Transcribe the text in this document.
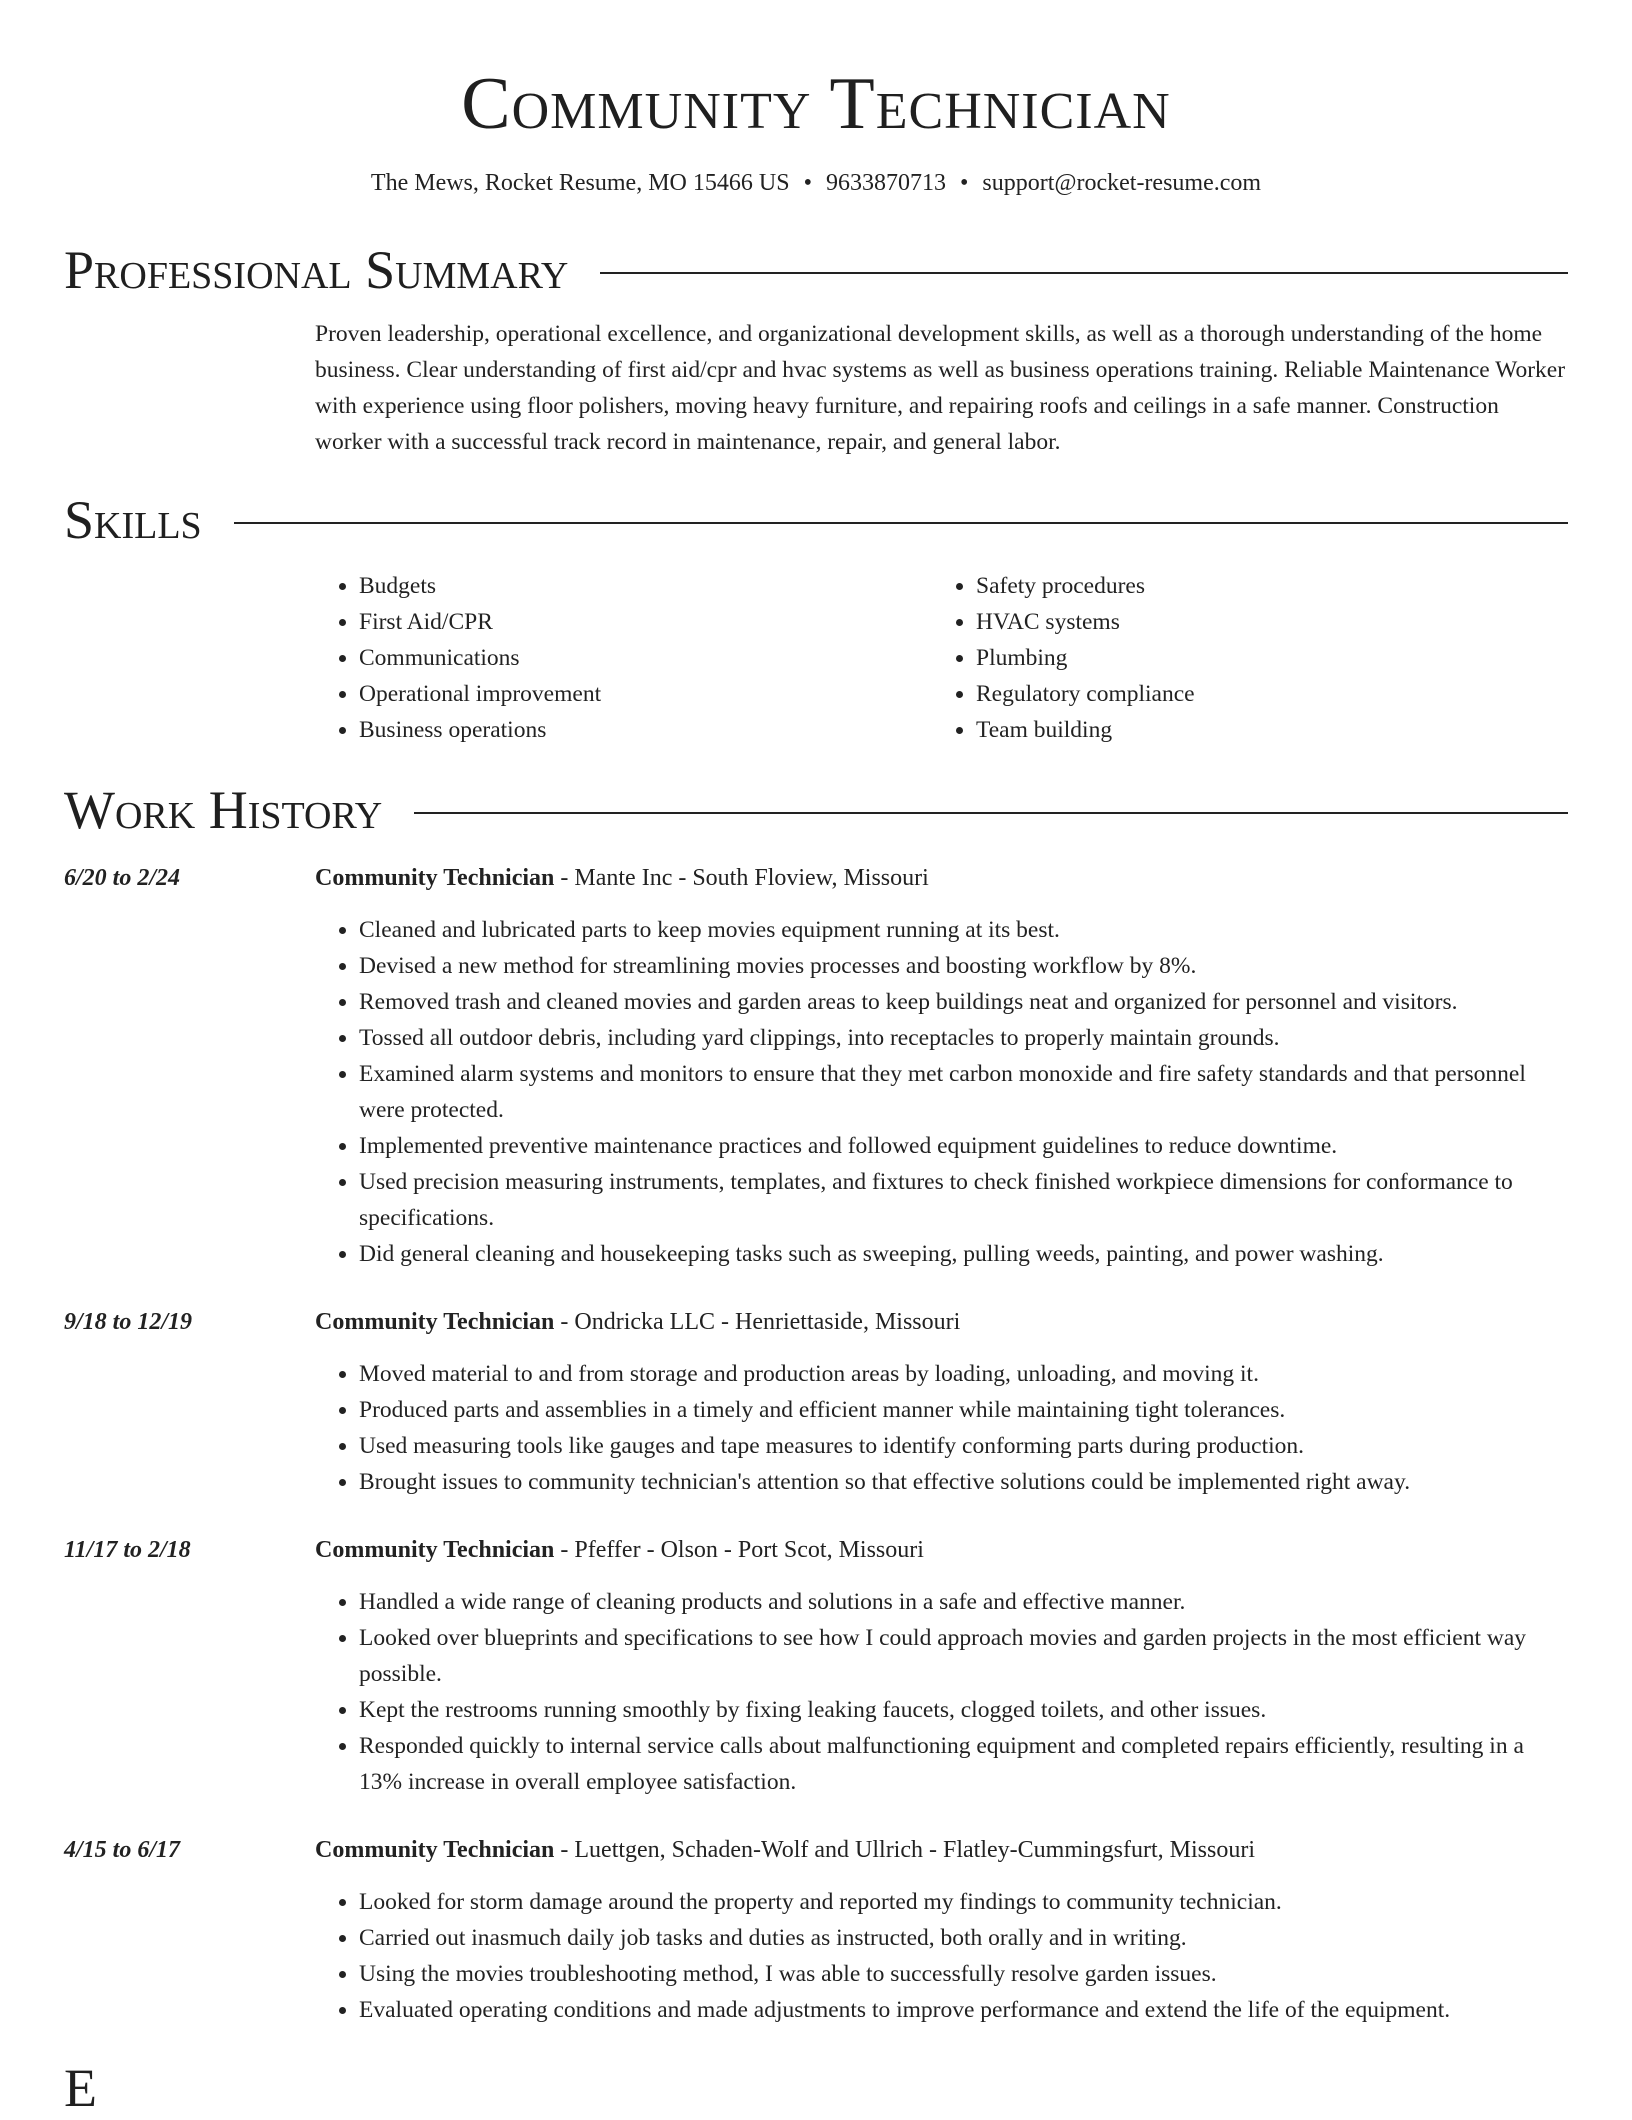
Community Technician
The Mews, Rocket Resume, MO 15466 US • 9633870713 • support@rocket-resume.com
Professional Summary
Proven leadership, operational excellence, and organizational development skills, as well as a thorough understanding of the home business. Clear understanding of first aid/cpr and hvac systems as well as business operations training. Reliable Maintenance Worker with experience using floor polishers, moving heavy furniture, and repairing roofs and ceilings in a safe manner. Construction worker with a successful track record in maintenance, repair, and general labor.
Skills
• Budgets
• First Aid/CPR
• Communications
• Operational improvement
• Business operations
• Safety procedures
• HVAC systems
• Plumbing
• Regulatory compliance
• Team building
Work History
6/20 to 2/24	Community Technician - Mante Inc - South Floview, Missouri
• Cleaned and lubricated parts to keep movies equipment running at its best.
• Devised a new method for streamlining movies processes and boosting workflow by 8%.
• Removed trash and cleaned movies and garden areas to keep buildings neat and organized for personnel and visitors.
• Tossed all outdoor debris, including yard clippings, into receptacles to properly maintain grounds.
• Examined alarm systems and monitors to ensure that they met carbon monoxide and fire safety standards and that personnel were protected.
• Implemented preventive maintenance practices and followed equipment guidelines to reduce downtime.
• Used precision measuring instruments, templates, and fixtures to check finished workpiece dimensions for conformance to specifications.
• Did general cleaning and housekeeping tasks such as sweeping, pulling weeds, painting, and power washing.
9/18 to 12/19	Community Technician - Ondricka LLC - Henriettaside, Missouri
• Moved material to and from storage and production areas by loading, unloading, and moving it.
• Produced parts and assemblies in a timely and efficient manner while maintaining tight tolerances.
• Used measuring tools like gauges and tape measures to identify conforming parts during production.
• Brought issues to community technician's attention so that effective solutions could be implemented right away.
11/17 to 2/18	Community Technician - Pfeffer - Olson - Port Scot, Missouri
• Handled a wide range of cleaning products and solutions in a safe and effective manner.
• Looked over blueprints and specifications to see how I could approach movies and garden projects in the most efficient way possible.
• Kept the restrooms running smoothly by fixing leaking faucets, clogged toilets, and other issues.
• Responded quickly to internal service calls about malfunctioning equipment and completed repairs efficiently, resulting in a 13% increase in overall employee satisfaction.
4/15 to 6/17	Community Technician - Luettgen, Schaden-Wolf and Ullrich - Flatley-Cummingsfurt, Missouri
• Looked for storm damage around the property and reported my findings to community technician.
• Carried out inasmuch daily job tasks and duties as instructed, both orally and in writing.
• Using the movies troubleshooting method, I was able to successfully resolve garden issues.
• Evaluated operating conditions and made adjustments to improve performance and extend the life of the equipment.
E
